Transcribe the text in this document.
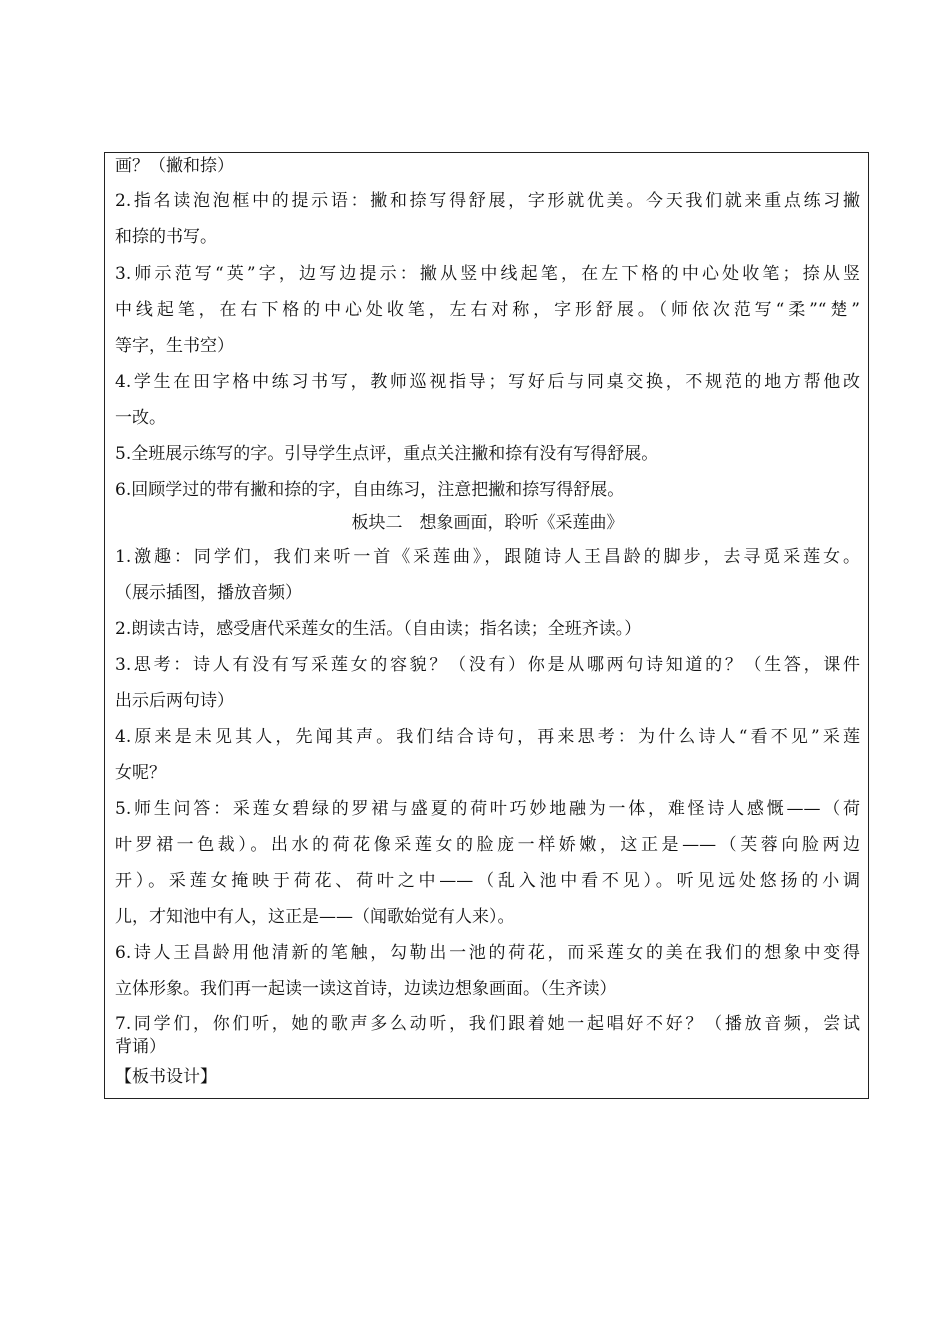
画？（撇和捺）
2.指名读泡泡框中的提示语：撇和捺写得舒展，字形就优美。今天我们就来重点练习撇
和捺的书写。
3.师示范写“英”字，边写边提示：撇从竖中线起笔，在左下格的中心处收笔；捺从竖
中线起笔，在右下格的中心处收笔，左右对称，字形舒展。（师依次范写“柔”“楚”
等字，生书空）
4.学生在田字格中练习书写，教师巡视指导；写好后与同桌交换，不规范的地方帮他改
一改。
5.全班展示练写的字。引导学生点评，重点关注撇和捺有没有写得舒展。
6.回顾学过的带有撇和捺的字，自由练习，注意把撇和捺写得舒展。
板块二　想象画面，聆听《采莲曲》
1.激趣：同学们，我们来听一首《采莲曲》，跟随诗人王昌龄的脚步，去寻觅采莲女。
（展示插图，播放音频）
2.朗读古诗，感受唐代采莲女的生活。（自由读；指名读；全班齐读。）
3.思考：诗人有没有写采莲女的容貌？（没有）你是从哪两句诗知道的？（生答，课件
出示后两句诗）
4.原来是未见其人，先闻其声。我们结合诗句，再来思考：为什么诗人“看不见”采莲
女呢？
5.师生问答：采莲女碧绿的罗裙与盛夏的荷叶巧妙地融为一体，难怪诗人感慨——（荷
叶罗裙一色裁）。出水的荷花像采莲女的脸庞一样娇嫩，这正是——（芙蓉向脸两边
开）。采莲女掩映于荷花、荷叶之中——（乱入池中看不见）。听见远处悠扬的小调
儿，才知池中有人，这正是——（闻歌始觉有人来）。
6.诗人王昌龄用他清新的笔触，勾勒出一池的荷花，而采莲女的美在我们的想象中变得
立体形象。我们再一起读一读这首诗，边读边想象画面。（生齐读）
7.同学们，你们听，她的歌声多么动听，我们跟着她一起唱好不好？（播放音频，尝试
背诵）
【板书设计】
